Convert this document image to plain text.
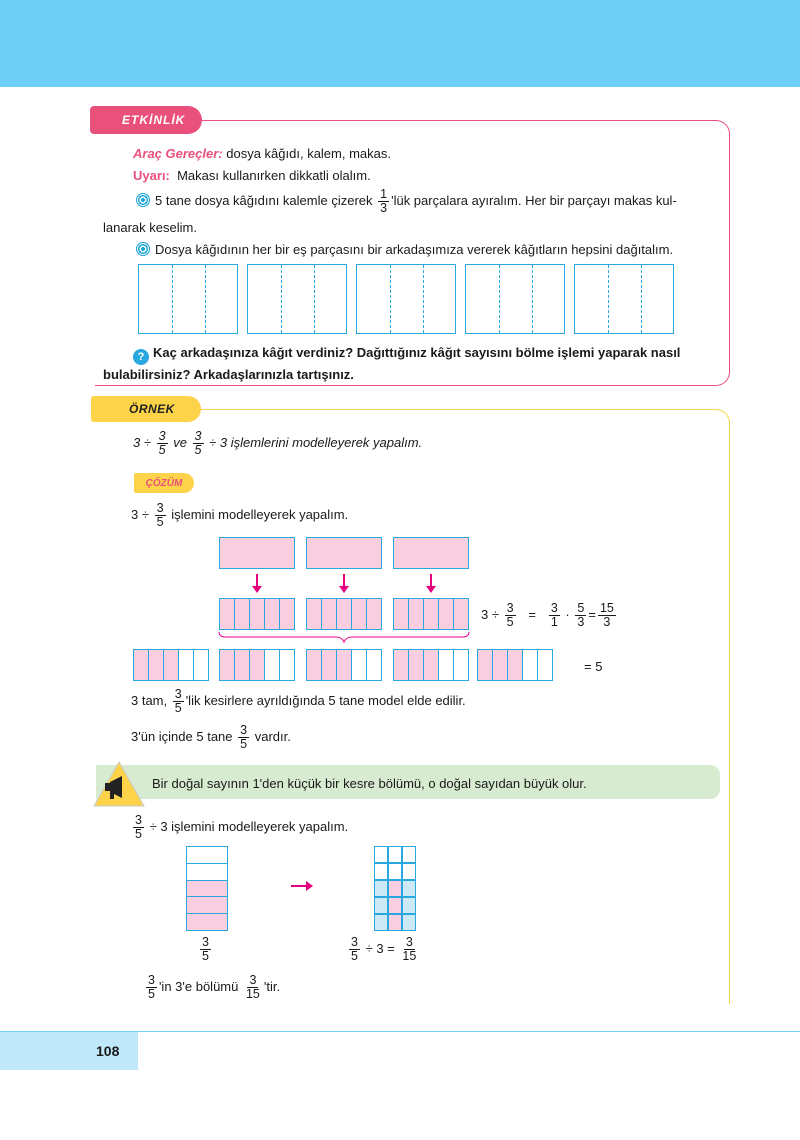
ETKİNLİK
Araç Gereçler: dosya kâğıdı, kalem, makas.
Uyarı: Makası kullanırken dikkatli olalım.
5 tane dosya kâğıdını kalemle çizerek $\frac{1}{3}$ 'lük parçalara ayıralım. Her bir parçayı makas kul-
lanarak keselim.
Dosya kâğıdının her bir eş parçasını bir arkadaşımıza vererek kâğıtların hepsini dağıtalım.
? Kaç arkadaşınıza kâğıt verdiniz? Dağıttığınız kâğıt sayısını bölme işlemi yaparak nasıl
bulabilirsiniz? Arkadaşlarınızla tartışınız.
ÖRNEK
$3 \div \frac{3}{5}$ ve $\frac{3}{5} \div 3$ işlemlerini modelleyerek yapalım.
ÇÖZÜM
$3 \div \frac{3}{5}$ işlemini modelleyerek yapalım.
$3 \div \frac{3}{5} = \frac{3}{1} \cdot \frac{5}{3} = \frac{15}{3}$
= 5
3 tam, $\frac{3}{5}$ 'lik kesirlere ayrıldığında 5 tane model elde edilir.
3'ün içinde 5 tane $\frac{3}{5}$ vardır.
Bir doğal sayının 1'den küçük bir kesre bölümü, o doğal sayıdan büyük olur.
$\frac{3}{5} \div 3$ işlemini modelleyerek yapalım.
$\frac{3}{5}$	$\frac{3}{5} \div 3 = \frac{3}{15}$
$\frac{3}{5}$ 'in 3'e bölümü $\frac{3}{15}$ 'tir.
108
